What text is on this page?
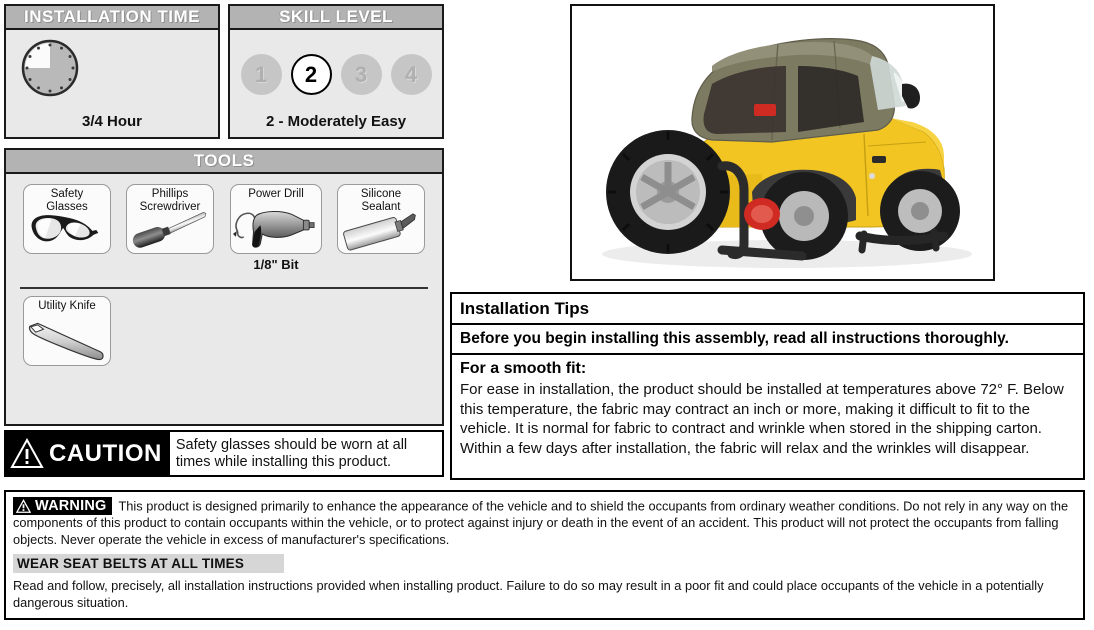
INSTALLATION TIME
3/4 Hour
SKILL LEVEL
1	2	3	4
2 - Moderately Easy
TOOLS
Safety
Glasses
Phillips
Screwdriver
Power Drill
1/8" Bit
Silicone
Sealant
Utility Knife
CAUTION Safety glasses should be worn at all times while installing this product.
Installation Tips
Before you begin installing this assembly, read all instructions thoroughly.
For a smooth fit:
For ease in installation, the product should be installed at temperatures above 72° F. Below this temperature, the fabric may contract an inch or more, making it difficult to fit to the vehicle. It is normal for fabric to contract and wrinkle when stored in the shipping carton. Within a few days after installation, the fabric will relax and the wrinkles will disappear.
WARNING This product is designed primarily to enhance the appearance of the vehicle and to shield the occupants from ordinary weather conditions. Do not rely in any way on the components of this product to contain occupants within the vehicle, or to protect against injury or death in the event of an accident. This product will not protect the occupants from falling objects. Never operate the vehicle in excess of manufacturer's specifications.
WEAR SEAT BELTS AT ALL TIMES
Read and follow, precisely, all installation instructions provided when installing product. Failure to do so may result in a poor fit and could place occupants of the vehicle in a potentially dangerous situation.
